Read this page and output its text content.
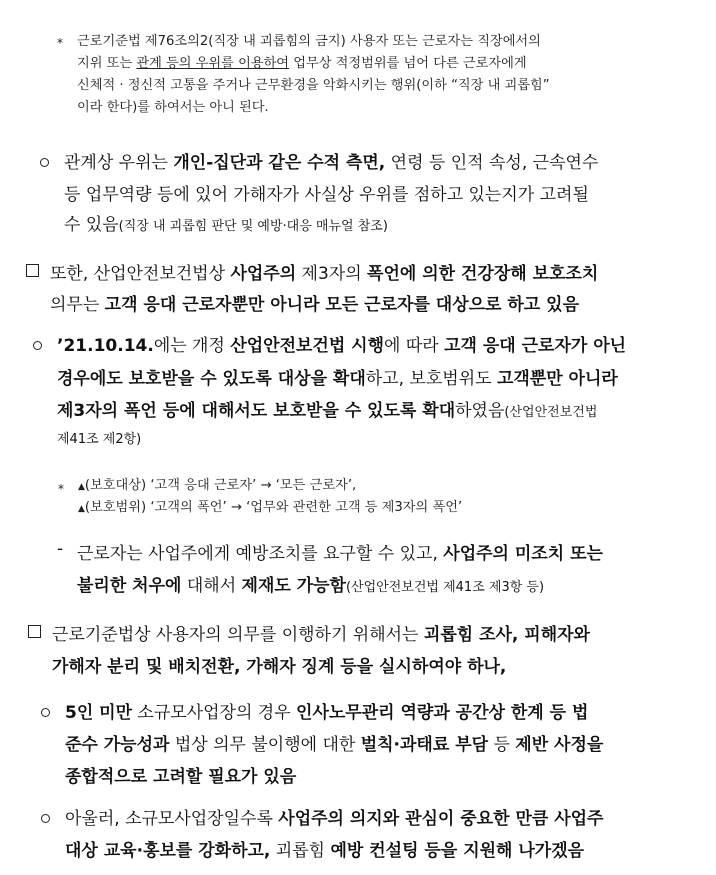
* 근로기준법 제76조의2(직장 내 괴롭힘의 금지) 사용자 또는 근로자는 직장에서의
지위 또는 관계 등의 우위를 이용하여 업무상 적정범위를 넘어 다른 근로자에게
신체적 · 정신적 고통을 주거나 근무환경을 악화시키는 행위(이하 “직장 내 괴롭힘”
이라 한다)를 하여서는 아니 된다.
관계상 우위는 개인-집단과 같은 수적 측면, 연령 등 인적 속성, 근속연수
등 업무역량 등에 있어 가해자가 사실상 우위를 점하고 있는지가 고려될
수 있음(직장 내 괴롭힘 판단 및 예방·대응 매뉴얼 참조)
또한, 산업안전보건법상 사업주의 제3자의 폭언에 의한 건강장해 보호조치
의무는 고객 응대 근로자뿐만 아니라 모든 근로자를 대상으로 하고 있음
’21.10.14.에는 개정 산업안전보건법 시행에 따라 고객 응대 근로자가 아닌
경우에도 보호받을 수 있도록 대상을 확대하고, 보호범위도 고객뿐만 아니라
제3자의 폭언 등에 대해서도 보호받을 수 있도록 확대하였음(산업안전보건법
제41조 제2항)
* ▲(보호대상) ‘고객 응대 근로자’ → ‘모든 근로자’,
▲(보호범위) ‘고객의 폭언’ → ‘업무와 관련한 고객 등 제3자의 폭언’
- 근로자는 사업주에게 예방조치를 요구할 수 있고, 사업주의 미조치 또는
불리한 처우에 대해서 제재도 가능함(산업안전보건법 제41조 제3항 등)
근로기준법상 사용자의 의무를 이행하기 위해서는 괴롭힘 조사, 피해자와
가해자 분리 및 배치전환, 가해자 징계 등을 실시하여야 하나,
5인 미만 소규모사업장의 경우 인사노무관리 역량과 공간상 한계 등 법
준수 가능성과 법상 의무 불이행에 대한 벌칙·과태료 부담 등 제반 사정을
종합적으로 고려할 필요가 있음
아울러, 소규모사업장일수록 사업주의 의지와 관심이 중요한 만큼 사업주
대상 교육·홍보를 강화하고, 괴롭힘 예방 컨설팅 등을 지원해 나가겠음
